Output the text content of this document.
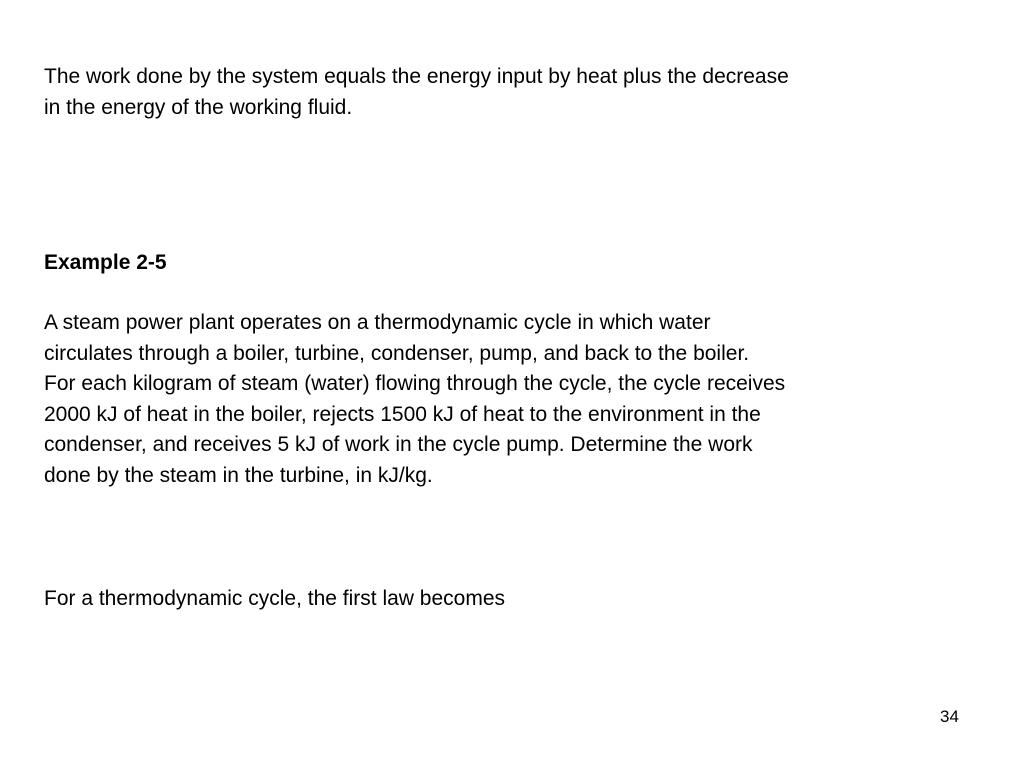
The work done by the system equals the energy input by heat plus the decrease
in the energy of the working fluid.

Example 2-5

A steam power plant operates on a thermodynamic cycle in which water
circulates through a boiler, turbine, condenser, pump, and back to the boiler.
For each kilogram of steam (water) flowing through the cycle, the cycle receives
2000 kJ of heat in the boiler, rejects 1500 kJ of heat to the environment in the
condenser, and receives 5 kJ of work in the cycle pump. Determine the work
done by the steam in the turbine, in kJ/kg.

For a thermodynamic cycle, the first law becomes

34
